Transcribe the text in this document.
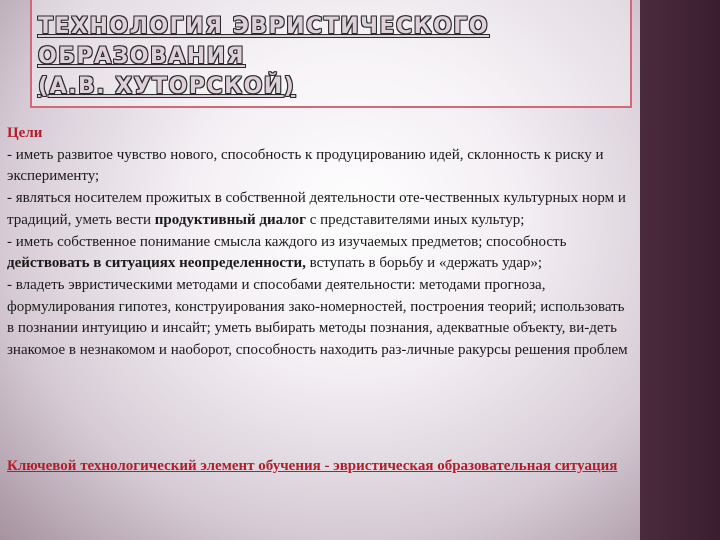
ТЕХНОЛОГИЯ ЭВРИСТИЧЕСКОГО
ОБРАЗОВАНИЯ
(А.В. ХУТОРСКОЙ)
Цели

- иметь развитое чувство нового, способность к продуцированию идей, склонность к риску и эксперименту;

- являться носителем прожитых в собственной деятельности оте-чественных культурных норм и традиций, уметь вести продуктивный диалог с представителями иных культур;

- иметь собственное понимание смысла каждого из изучаемых предметов; способность действовать в ситуациях неопределенности, вступать в борьбу и «держать удар»;

- владеть эвристическими методами и способами деятельности: методами прогноза, формулирования гипотез, конструирования зако-номерностей, построения теорий; использовать в познании интуицию и инсайт; уметь выбирать методы познания, адекватные объекту, ви-деть знакомое в незнакомом и наоборот, способность находить раз-личные ракурсы решения проблем

Ключевой технологический элемент обучения - эвристическая образовательная ситуация
